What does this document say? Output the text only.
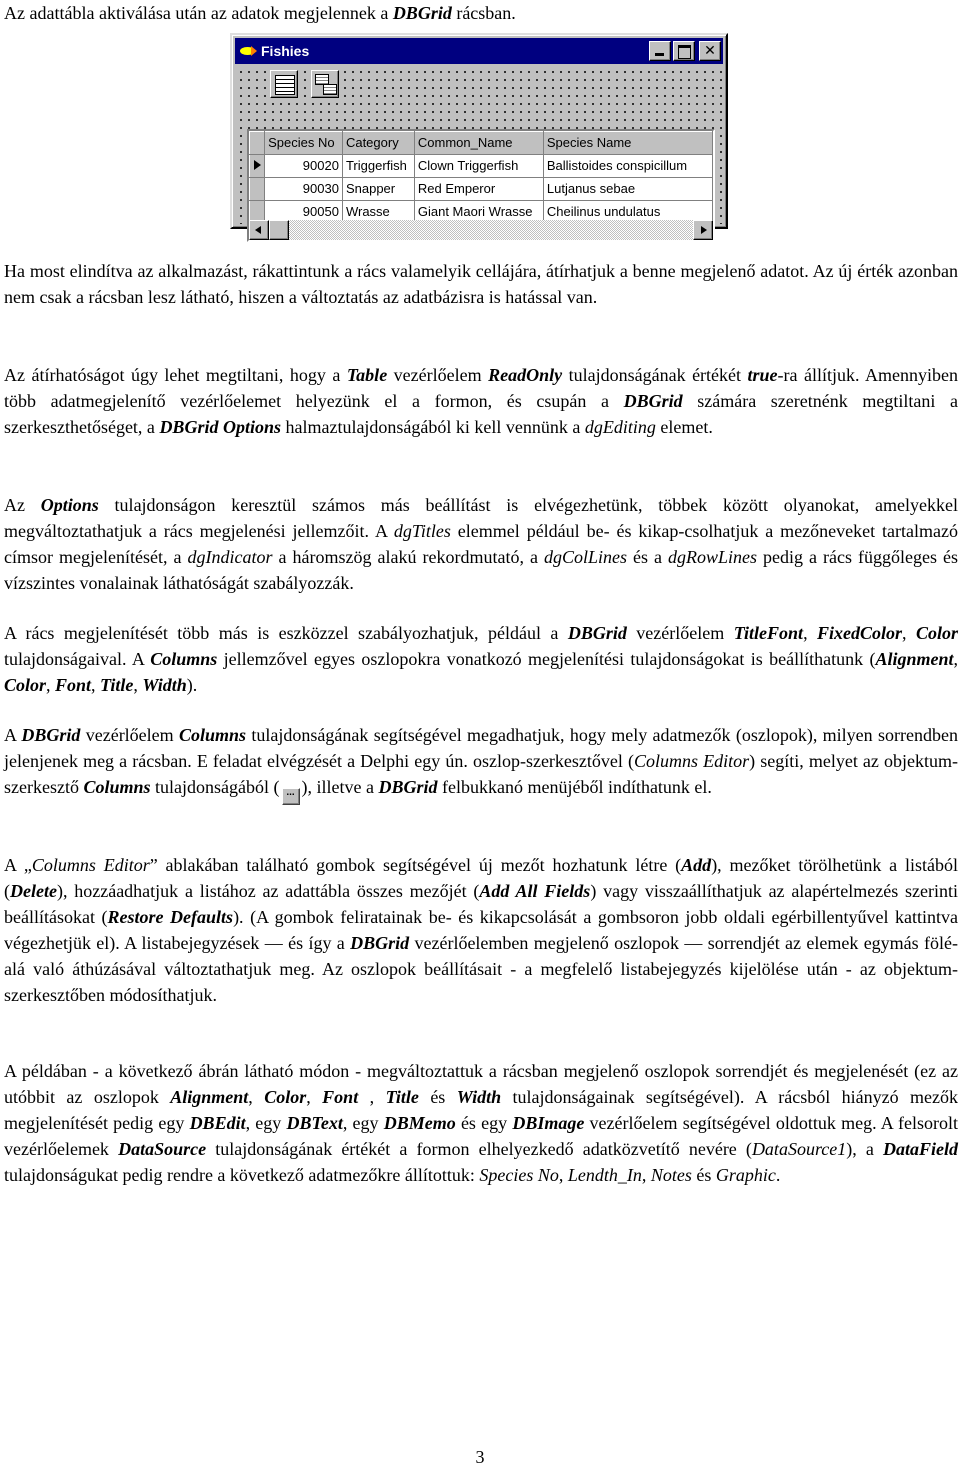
Az adattábla aktiválása után az adatok megjelennek a DBGrid rácsban.

Fishies	✕
	Species No	Category	Common_Name	Species Name
	90020	Triggerfish	Clown Triggerfish	Ballistoides conspicillum
	90030	Snapper	Red Emperor	Lutjanus sebae
	90050	Wrasse	Giant Maori Wrasse	Cheilinus undulatus

Ha most elindítva az alkalmazást, rákattintunk a rács valamelyik cellájára, átírhatjuk a benne megjelenő adatot. Az új érték azonban nem csak a rácsban lesz látható, hiszen a változtatás az adatbázisra is hatással van.

Az átírhatóságot úgy lehet megtiltani, hogy a Table vezérlőelem ReadOnly tulajdonságának értékét true-ra állítjuk. Amennyiben több adatmegjelenítő vezérlőelemet helyezünk el a formon, és csupán a DBGrid számára szeretnénk megtiltani a szerkeszthetőséget, a DBGrid Options halmaztulajdonságából ki kell vennünk a dgEditing elemet.

Az Options tulajdonságon keresztül számos más beállítást is elvégezhetünk, többek között olyanokat, amelyekkel megváltoztathatjuk a rács megjelenési jellemzőit. A dgTitles elemmel például be- és kikap-csolhatjuk a mezőneveket tartalmazó címsor megjelenítését, a dgIndicator a háromszög alakú rekordmutató, a dgColLines és a dgRowLines pedig a rács függőleges és vízszintes vonalainak láthatóságát szabályozzák.

A rács megjelenítését több más is eszközzel szabályozhatjuk, például a DBGrid vezérlőelem TitleFont, FixedColor, Color tulajdonságaival. A Columns jellemzővel egyes oszlopokra vonatkozó megjelenítési tulajdonságokat is beállíthatunk (Alignment, Color, Font, Title, Width).

A DBGrid vezérlőelem Columns tulajdonságának segítségével megadhatjuk, hogy mely adatmezők (oszlopok), milyen sorrendben jelenjenek meg a rácsban. E feladat elvégzését a Delphi egy ún. oszlop-szerkesztővel (Columns Editor) segíti, melyet az objektum-szerkesztő Columns tulajdonságából ( ... ), illetve a DBGrid felbukkanó menüjéből indíthatunk el.

A „Columns Editor” ablakában található gombok segítségével új mezőt hozhatunk létre (Add), mezőket törölhetünk a listából (Delete), hozzáadhatjuk a listához az adattábla összes mezőjét (Add All Fields) vagy visszaállíthatjuk az alapértelmezés szerinti beállításokat (Restore Defaults). (A gombok feliratainak be- és kikapcsolását a gombsoron jobb oldali egérbillentyűvel kattintva végezhetjük el). A listabejegyzések — és így a DBGrid vezérlőelemben megjelenő oszlopok — sorrendjét az elemek egymás fölé-alá való áthúzásával változtathatjuk meg. Az oszlopok beállításait - a megfelelő listabejegyzés kijelölése után - az objektum-szerkesztőben módosíthatjuk.

A példában - a következő ábrán látható módon - megváltoztattuk a rácsban megjelenő oszlopok sorrendjét és megjelenését (ez az utóbbit az oszlopok Alignment, Color, Font , Title és Width tulajdonságainak segítségével). A rácsból hiányzó mezők megjelenítését pedig egy DBEdit, egy DBText, egy DBMemo és egy DBImage vezérlőelem segítségével oldottuk meg. A felsorolt vezérlőelemek DataSource tulajdonságának értékét a formon elhelyezkedő adatközvetítő nevére (DataSource1), a DataField tulajdonságukat pedig rendre a következő adatmezőkre állítottuk: Species No, Lendth_In, Notes és Graphic.

3
